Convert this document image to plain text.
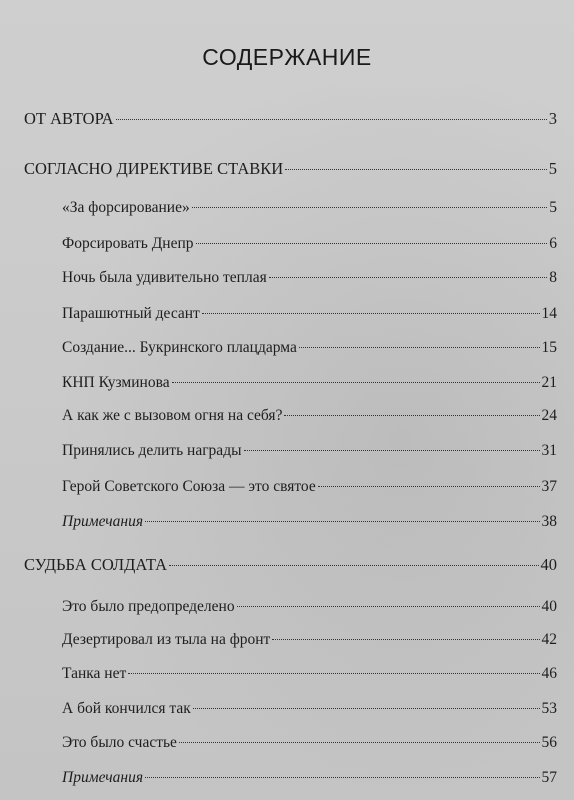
СОДЕРЖАНИЕ
ОТ АВТОРА	3
СОГЛАСНО ДИРЕКТИВЕ СТАВКИ	5
«За форсирование»	5
Форсировать Днепр	6
Ночь была удивительно теплая	8
Парашютный десант	14
Создание... Букринского плацдарма	15
КНП Кузминова	21
А как же с вызовом огня на себя?	24
Принялись делить награды	31
Герой Советского Союза — это святое	37
Примечания	38
СУДЬБА СОЛДАТА	40
Это было предопределено	40
Дезертировал из тыла на фронт	42
Танка нет	46
А бой кончился так	53
Это было счастье	56
Примечания	57
